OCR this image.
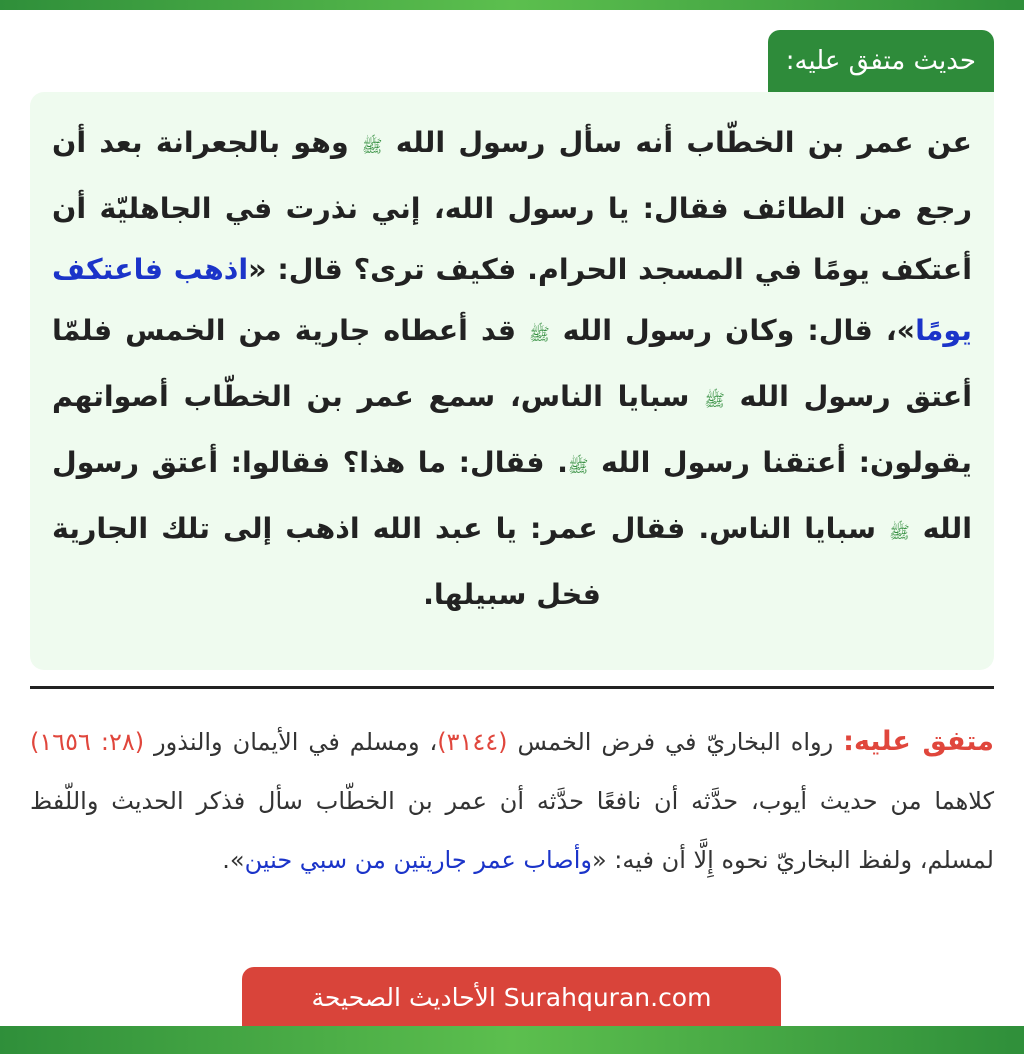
حديث متفق عليه:
عن عمر بن الخطّاب أنه سأل رسول الله ﷺ وهو بالجعرانة بعد أن رجع من الطائف فقال: يا رسول الله، إني نذرت في الجاهليّة أن أعتكف يومًا في المسجد الحرام. فكيف ترى؟ قال: «اذهب فاعتكف يومًا»، قال: وكان رسول الله ﷺ قد أعطاه جارية من الخمس فلمّا أعتق رسول الله ﷺ سبايا الناس، سمع عمر بن الخطّاب أصواتهم يقولون: أعتقنا رسول الله ﷺ. فقال: ما هذا؟ فقالوا: أعتق رسول الله ﷺ سبايا الناس. فقال عمر: يا عبد الله اذهب إلى تلك الجارية فخل سبيلها.
متفق عليه: رواه البخاريّ في فرض الخمس (٣١٤٤)، ومسلم في الأيمان والنذور (٢٨: ١٦٥٦) كلاهما من حديث أيوب، حدَّثه أن نافعًا حدَّثه أن عمر بن الخطّاب سأل فذكر الحديث واللّفظ لمسلم، ولفظ البخاريّ نحوه إِلَّا أن فيه: «وأصاب عمر جاريتين من سبي حنين».
الأحاديث الصحيحة Surahquran.com
